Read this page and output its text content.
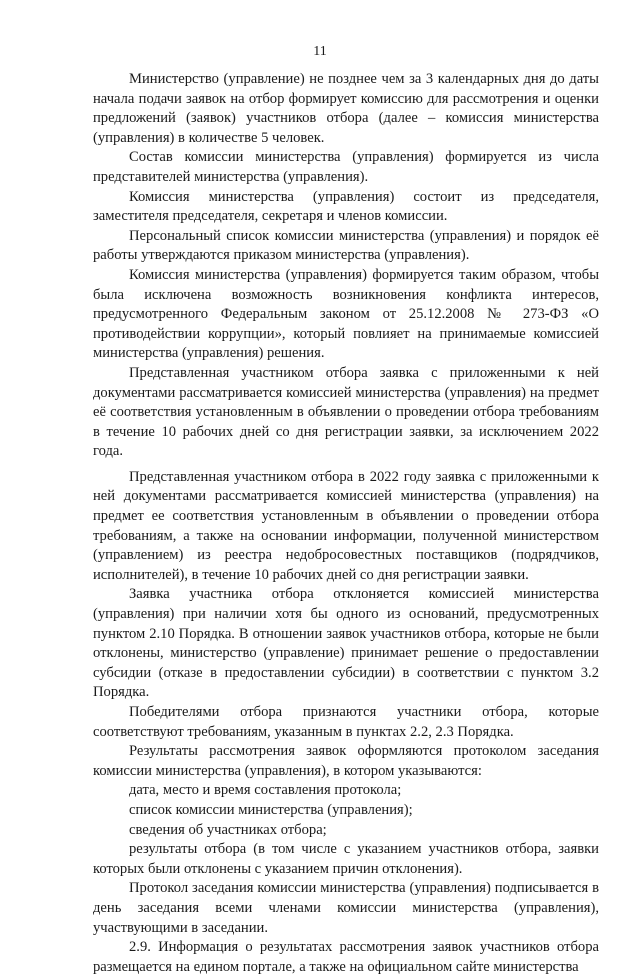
11

Министерство (управление) не позднее чем за 3 календарных дня до даты начала подачи заявок на отбор формирует комиссию для рассмотрения и оценки предложений (заявок) участников отбора (далее – комиссия министерства (управления) в количестве 5 человек.

Состав комиссии министерства (управления) формируется из числа представителей министерства (управления).

Комиссия министерства (управления) состоит из председателя, заместителя председателя, секретаря и членов комиссии.

Персональный список комиссии министерства (управления) и порядок её работы утверждаются приказом министерства (управления).

Комиссия министерства (управления) формируется таким образом, чтобы была исключена возможность возникновения конфликта интересов, предусмотренного Федеральным законом от 25.12.2008 № 273-ФЗ «О противодействии коррупции», который повлияет на принимаемые комиссией министерства (управления) решения.

Представленная участником отбора заявка с приложенными к ней документами рассматривается комиссией министерства (управления) на предмет её соответствия установленным в объявлении о проведении отбора требованиям в течение 10 рабочих дней со дня регистрации заявки, за исключением 2022 года.

Представленная участником отбора в 2022 году заявка с приложенными к ней документами рассматривается комиссией министерства (управления) на предмет ее соответствия установленным в объявлении о проведении отбора требованиям, а также на основании информации, полученной министерством (управлением) из реестра недобросовестных поставщиков (подрядчиков, исполнителей), в течение 10 рабочих дней со дня регистрации заявки.

Заявка участника отбора отклоняется комиссией министерства (управления) при наличии хотя бы одного из оснований, предусмотренных пунктом 2.10 Порядка. В отношении заявок участников отбора, которые не были отклонены, министерство (управление) принимает решение о предоставлении субсидии (отказе в предоставлении субсидии) в соответствии с пунктом 3.2 Порядка.

Победителями отбора признаются участники отбора, которые соответствуют требованиям, указанным в пунктах 2.2, 2.3 Порядка.

Результаты рассмотрения заявок оформляются протоколом заседания комиссии министерства (управления), в котором указываются:

дата, место и время составления протокола;

список комиссии министерства (управления);

сведения об участниках отбора;

результаты отбора (в том числе с указанием участников отбора, заявки которых были отклонены с указанием причин отклонения).

Протокол заседания комиссии министерства (управления) подписывается в день заседания всеми членами комиссии министерства (управления), участвующими в заседании.

2.9. Информация о результатах рассмотрения заявок участников отбора размещается на едином портале, а также на официальном сайте министерства
